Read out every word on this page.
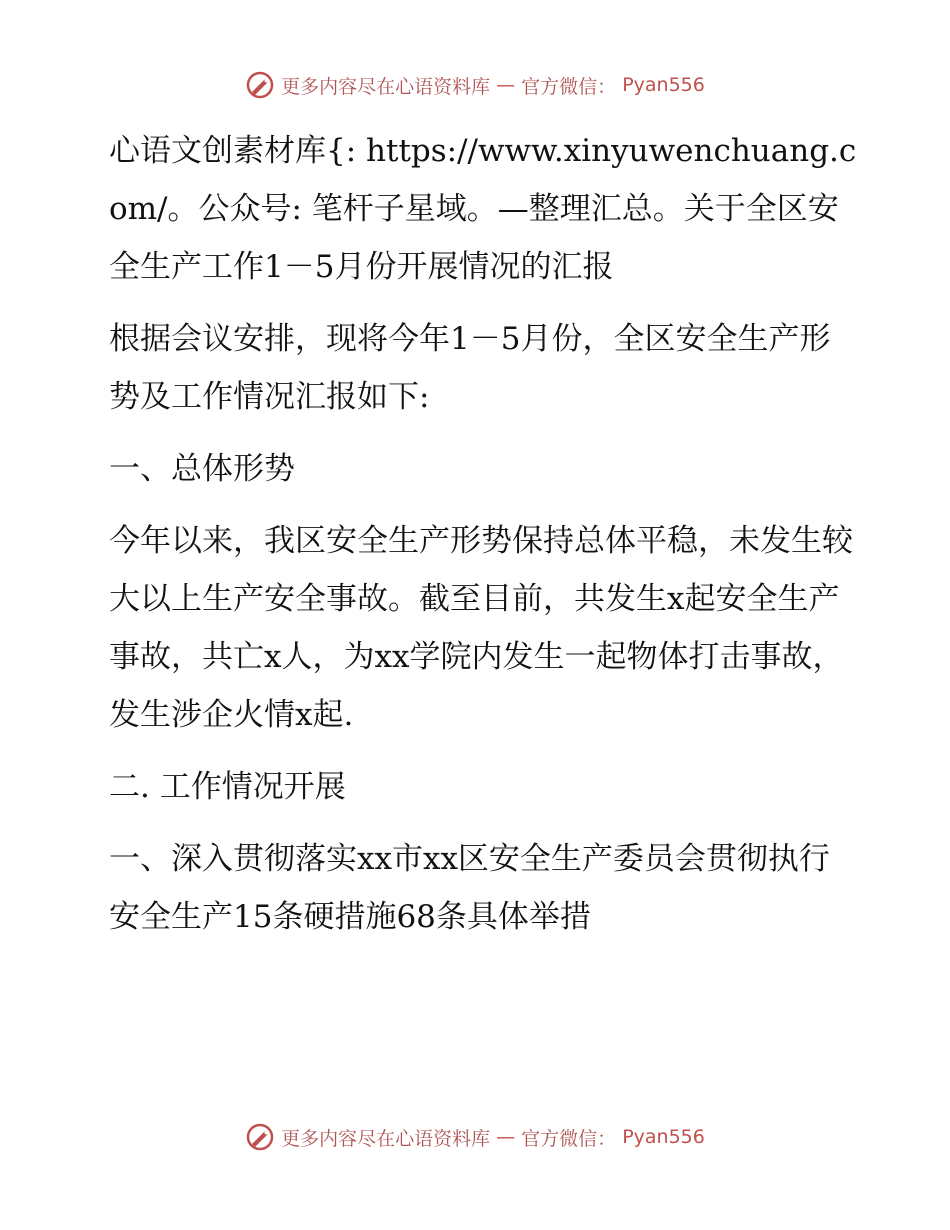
更多内容尽在心语资料库 — 官方微信： Pyan556

心语文创素材库{: https://www.xinyuwenchuang.com/。公众号: 笔杆子星域。—整理汇总。关于全区安全生产工作1－5月份开展情况的汇报

根据会议安排，现将今年1－5月份，全区安全生产形势及工作情况汇报如下:

一、总体形势

今年以来，我区安全生产形势保持总体平稳，未发生较大以上生产安全事故。截至目前，共发生x起安全生产事故，共亡x人，为xx学院内发生一起物体打击事故，发生涉企火情x起.

二. 工作情况开展

一、深入贯彻落实xx市xx区安全生产委员会贯彻执行安全生产15条硬措施68条具体举措

更多内容尽在心语资料库 — 官方微信： Pyan556
